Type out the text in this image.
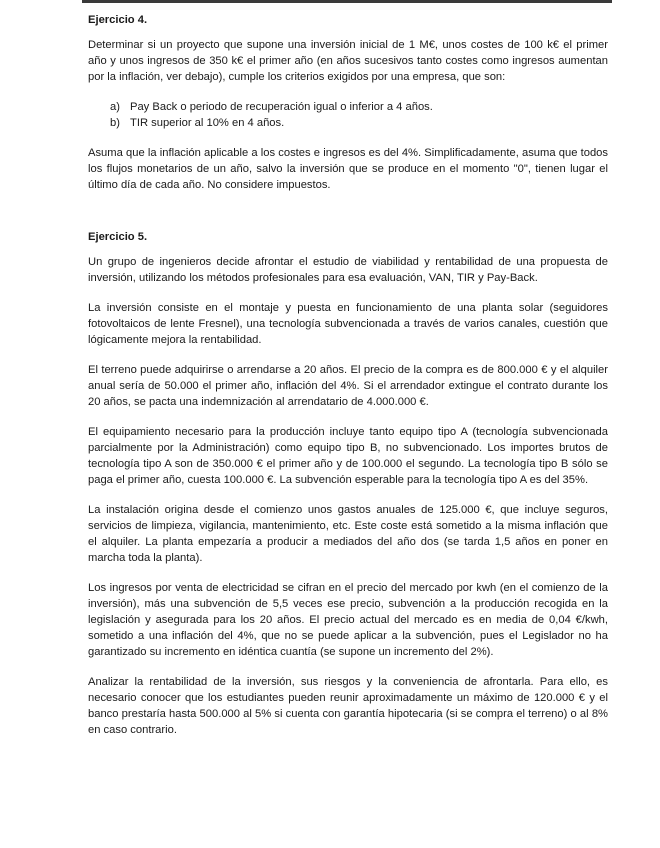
Ejercicio 4.

Determinar si un proyecto que supone una inversión inicial de 1 M€, unos costes de 100 k€ el primer año y unos ingresos de 350 k€ el primer año (en años sucesivos tanto costes como ingresos aumentan por la inflación, ver debajo), cumple los criterios exigidos por una empresa, que son:

a) Pay Back o periodo de recuperación igual o inferior a 4 años.
b) TIR superior al 10% en 4 años.

Asuma que la inflación aplicable a los costes e ingresos es del 4%. Simplificadamente, asuma que todos los flujos monetarios de un año, salvo la inversión que se produce en el momento "0", tienen lugar el último día de cada año. No considere impuestos.

Ejercicio 5.

Un grupo de ingenieros decide afrontar el estudio de viabilidad y rentabilidad de una propuesta de inversión, utilizando los métodos profesionales para esa evaluación, VAN, TIR y Pay-Back.

La inversión consiste en el montaje y puesta en funcionamiento de una planta solar (seguidores fotovoltaicos de lente Fresnel), una tecnología subvencionada a través de varios canales, cuestión que lógicamente mejora la rentabilidad.

El terreno puede adquirirse o arrendarse a 20 años. El precio de la compra es de 800.000 € y el alquiler anual sería de 50.000 el primer año, inflación del 4%. Si el arrendador extingue el contrato durante los 20 años, se pacta una indemnización al arrendatario de 4.000.000 €.

El equipamiento necesario para la producción incluye tanto equipo tipo A (tecnología subvencionada parcialmente por la Administración) como equipo tipo B, no subvencionado. Los importes brutos de tecnología tipo A son de 350.000 € el primer año y de 100.000 el segundo. La tecnología tipo B sólo se paga el primer año, cuesta 100.000 €. La subvención esperable para la tecnología tipo A es del 35%.

La instalación origina desde el comienzo unos gastos anuales de 125.000 €, que incluye seguros, servicios de limpieza, vigilancia, mantenimiento, etc. Este coste está sometido a la misma inflación que el alquiler. La planta empezaría a producir a mediados del año dos (se tarda 1,5 años en poner en marcha toda la planta).

Los ingresos por venta de electricidad se cifran en el precio del mercado por kwh (en el comienzo de la inversión), más una subvención de 5,5 veces ese precio, subvención a la producción recogida en la legislación y asegurada para los 20 años. El precio actual del mercado es en media de 0,04 €/kwh, sometido a una inflación del 4%, que no se puede aplicar a la subvención, pues el Legislador no ha garantizado su incremento en idéntica cuantía (se supone un incremento del 2%).

Analizar la rentabilidad de la inversión, sus riesgos y la conveniencia de afrontarla. Para ello, es necesario conocer que los estudiantes pueden reunir aproximadamente un máximo de 120.000 € y el banco prestaría hasta 500.000 al 5% si cuenta con garantía hipotecaria (si se compra el terreno) o al 8% en caso contrario.
